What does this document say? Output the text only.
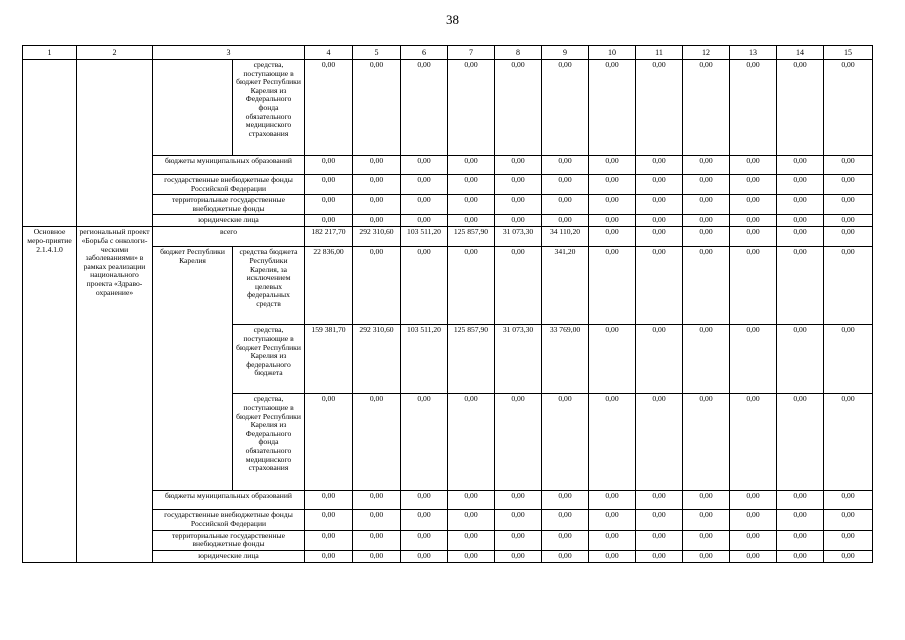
38
1	2	3		4	5	6	7	8	9	10	11	12	13	14	15
			средства, поступающие в бюджет Республики Карелия из Федерального фонда обязательного медицинского страхования	0,00	0,00	0,00	0,00	0,00	0,00	0,00	0,00	0,00	0,00	0,00	0,00
		бюджеты муниципальных образований		0,00	0,00	0,00	0,00	0,00	0,00	0,00	0,00	0,00	0,00	0,00	0,00
		государственные внебюджетные фонды Российской Федерации		0,00	0,00	0,00	0,00	0,00	0,00	0,00	0,00	0,00	0,00	0,00	0,00
		территориальные государственные внебюджетные фонды		0,00	0,00	0,00	0,00	0,00	0,00	0,00	0,00	0,00	0,00	0,00	0,00
		юридические лица		0,00	0,00	0,00	0,00	0,00	0,00	0,00	0,00	0,00	0,00	0,00	0,00
Основное меро-приятие 2.1.4.1.0	региональный проект «Борьба с онкологи-ческими заболеваниями» в рамках реализации национального проекта «Здраво-охранение»	всего		182 217,70	292 310,60	103 511,20	125 857,90	31 073,30	34 110,20	0,00	0,00	0,00	0,00	0,00	0,00
		бюджет Республики Карелия	средства бюджета Республики Карелия, за исключением целевых федеральных средств	22 836,00	0,00	0,00	0,00	0,00	341,20	0,00	0,00	0,00	0,00	0,00	0,00
			средства, поступающие в бюджет Республики Карелия из федерального бюджета	159 381,70	292 310,60	103 511,20	125 857,90	31 073,30	33 769,00	0,00	0,00	0,00	0,00	0,00	0,00
			средства, поступающие в бюджет Республики Карелия из Федерального фонда обязательного медицинского страхования	0,00	0,00	0,00	0,00	0,00	0,00	0,00	0,00	0,00	0,00	0,00	0,00
		бюджеты муниципальных образований		0,00	0,00	0,00	0,00	0,00	0,00	0,00	0,00	0,00	0,00	0,00	0,00
		государственные внебюджетные фонды Российской Федерации		0,00	0,00	0,00	0,00	0,00	0,00	0,00	0,00	0,00	0,00	0,00	0,00
		территориальные государственные внебюджетные фонды		0,00	0,00	0,00	0,00	0,00	0,00	0,00	0,00	0,00	0,00	0,00	0,00
		юридические лица		0,00	0,00	0,00	0,00	0,00	0,00	0,00	0,00	0,00	0,00	0,00	0,00
